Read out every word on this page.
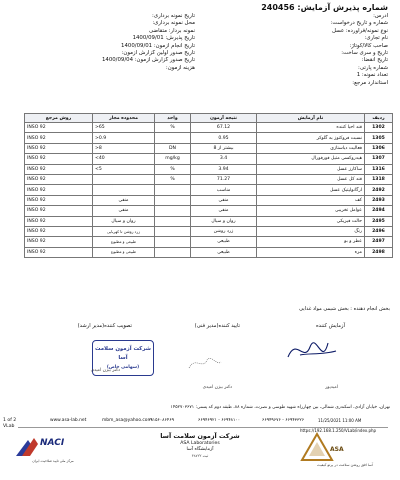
شماره پذیرش آزمایش: 240456
آدرس:
شماره و تاریخ درخواست:
نوع نمونه/فراورده: عسل
نام تجاری:
صاحب کالا/کوتاژ:
تاریخ و سری ساخت:
تاریخ انقضا:
شماره پارتی:
تعداد نمونه: 1
استاندارد مرجع:
تاریخ نمونه برداری:
محل نمونه برداری:
نمونه بردار: متقاضی
تاریخ پذیرش: 1400/09/01
تاریخ انجام آزمون: 1400/09/01
تاریخ صدور اولین گزارش آزمون:
تاریخ صدور گزارش آزمون: 1400/09/04
هزینه آزمون:
ردیف	نام آزمایش	نتیجه آزمون	واحد	محدوده مجاز	روش مرجع
1302	قند احیا کننده	67.12	%	>65	INSO 92
1305	نسبت فروکتوز به گلوکز	0.95		>0.9	INSO 92
1306	فعالیت دیاستازی	بیشتر از 8	DN	>8	INSO 92
1307	هیدروکسی متیل فورفورال	3.4	mg/kg	<40	INSO 92
1316	ساکارز عسل	3.94	%	<5	INSO 92
1318	قند کل عسل	71.27	%		INSO 92
2492	ارگانولپتیک عسل	مناسب			INSO 92
2493	کف	منفی		منفی	INSO 92
2494	عوامل تخریبی	منفی		منفی	INSO 92
2495	حالت فیزیکی	روان و سیال		روان و سیال	INSO 92
2496	رنگ	زرد روشن		زرد روشن تا کهربایی	INSO 92
2497	عطر و بو	طبیعی		طبیعی و مطبوع	INSO 92
2498	مزه	طبیعی		طبیعی و مطبوع	INSO 92
بخش انجام دهنده : بخش شیمی مواد غذایی
آزمایش کننده
تایید کننده(مدیر فنی)
تصویب کننده(مدیر ارشد)
شرکت آزمون سلامت آسا
(سهامی خاص)
امیدپور
دکتر بیژن امیدی
دکتر بیژن امیدی
تهران، خیابان آزادی، اسکندری شمالی، بین چهارراه شهید طوسی و نصرت، شماره ۸۸، طبقه دوم کد پستی: ۱۴۵۲۷۰۳۶۷۱
www.asa-lab.net	mbm_asa@yahoo.com
۰۹۱۵۶۰۸۶۴۶۹	۶۶۹۴۶۹۲۱ - ۶۶۹۴۸۱۰۰	۶۶۹۴۹۶۷۶ - ۶۶۹۴۳۳۲۶	11/25/2021 11:00 AM
1 of 2
VLab
https://192.168.1.250/VLab/index.php
NACI
مرکز ملی تایید صلاحیت ایران
شرکت آزمون سلامت آسا
ASA Laboratories
آزمایشگاه آسا
ثبت ۳۸۷۲۲
ASA
آسا افق روشن سلامت در پرتو کیفیت
